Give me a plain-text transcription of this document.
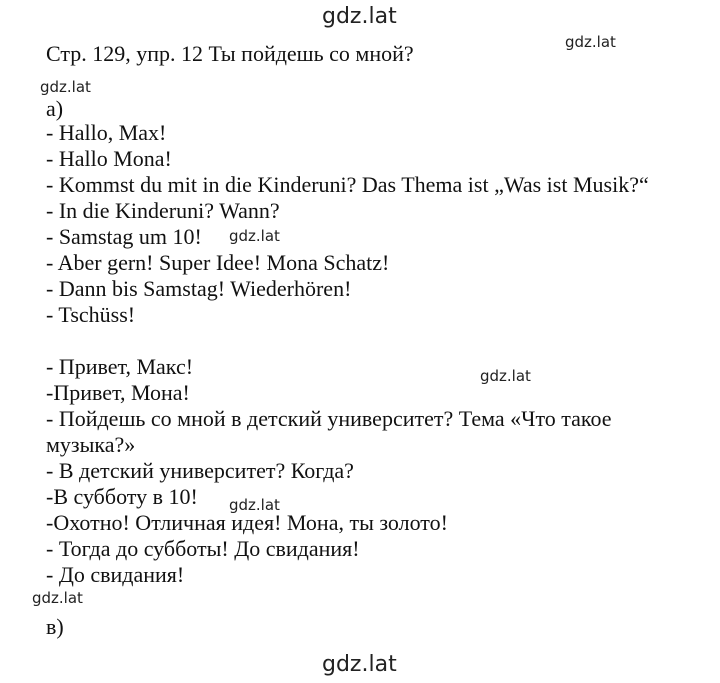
gdz.lat
gdz.lat
gdz.lat
gdz.lat
gdz.lat
gdz.lat
gdz.lat
gdz.lat
Стр. 129, упр. 12 Ты пойдешь со мной?
а)
- Hallo, Max!
- Hallo Mona!
- Kommst du mit in die Kinderuni? Das Thema ist „Was ist Musik?“
- In die Kinderuni? Wann?
- Samstag um 10!
- Aber gern! Super Idee! Mona Schatz!
- Dann bis Samstag! Wiederhören!
- Tschüss!
- Привет, Макс!
-Привет, Мона!
- Пойдешь со мной в детский университет? Тема «Что такое
музыка?»
- В детский университет? Когда?
-В субботу в 10!
-Охотно! Отличная идея! Мона, ты золото!
- Тогда до субботы! До свидания!
- До свидания!
в)
